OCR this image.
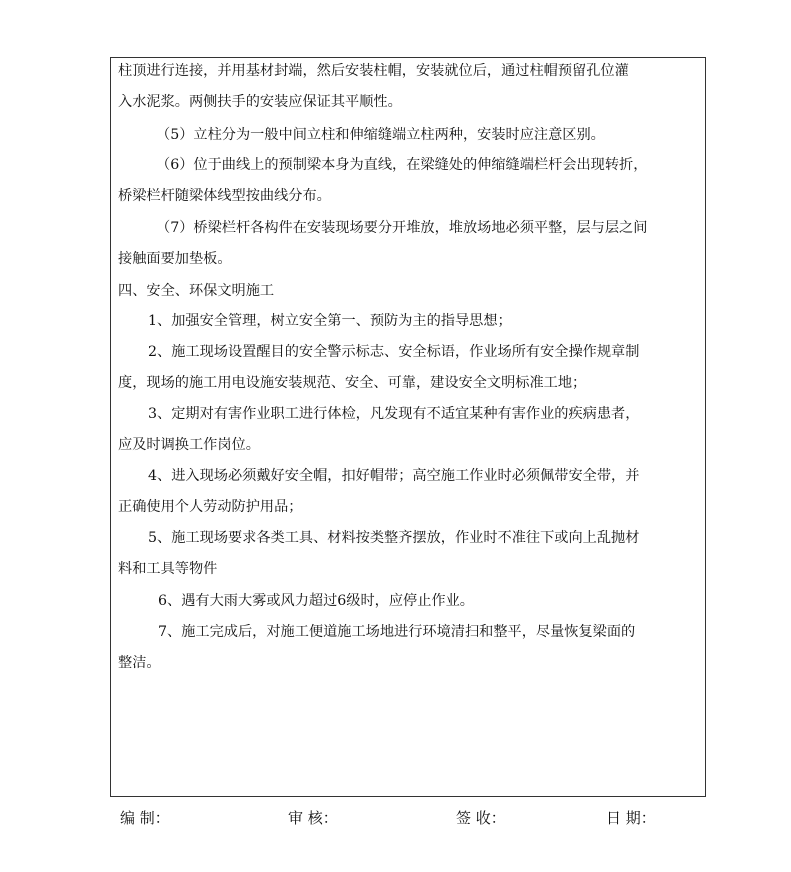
柱顶进行连接，并用基材封端，然后安装柱帽，安装就位后，通过柱帽预留孔位灌

入水泥浆。两侧扶手的安装应保证其平顺性。

（5）立柱分为一般中间立柱和伸缩缝端立柱两种，安装时应注意区别。

（6）位于曲线上的预制梁本身为直线，在梁缝处的伸缩缝端栏杆会出现转折，

桥梁栏杆随梁体线型按曲线分布。

（7）桥梁栏杆各构件在安装现场要分开堆放，堆放场地必须平整，层与层之间

接触面要加垫板。

四、安全、环保文明施工

1、加强安全管理，树立安全第一、预防为主的指导思想；

2、施工现场设置醒目的安全警示标志、安全标语，作业场所有安全操作规章制

度，现场的施工用电设施安装规范、安全、可靠，建设安全文明标准工地；

3、定期对有害作业职工进行体检，凡发现有不适宜某种有害作业的疾病患者，

应及时调换工作岗位。

4、进入现场必须戴好安全帽，扣好帽带；高空施工作业时必须佩带安全带，并

正确使用个人劳动防护用品；

5、施工现场要求各类工具、材料按类整齐摆放，作业时不准往下或向上乱抛材

料和工具等物件

6、遇有大雨大雾或风力超过6级时，应停止作业。

7、施工完成后，对施工便道施工场地进行环境清扫和整平，尽量恢复梁面的

整洁。

编 制：	审 核：	签 收：	日 期：
